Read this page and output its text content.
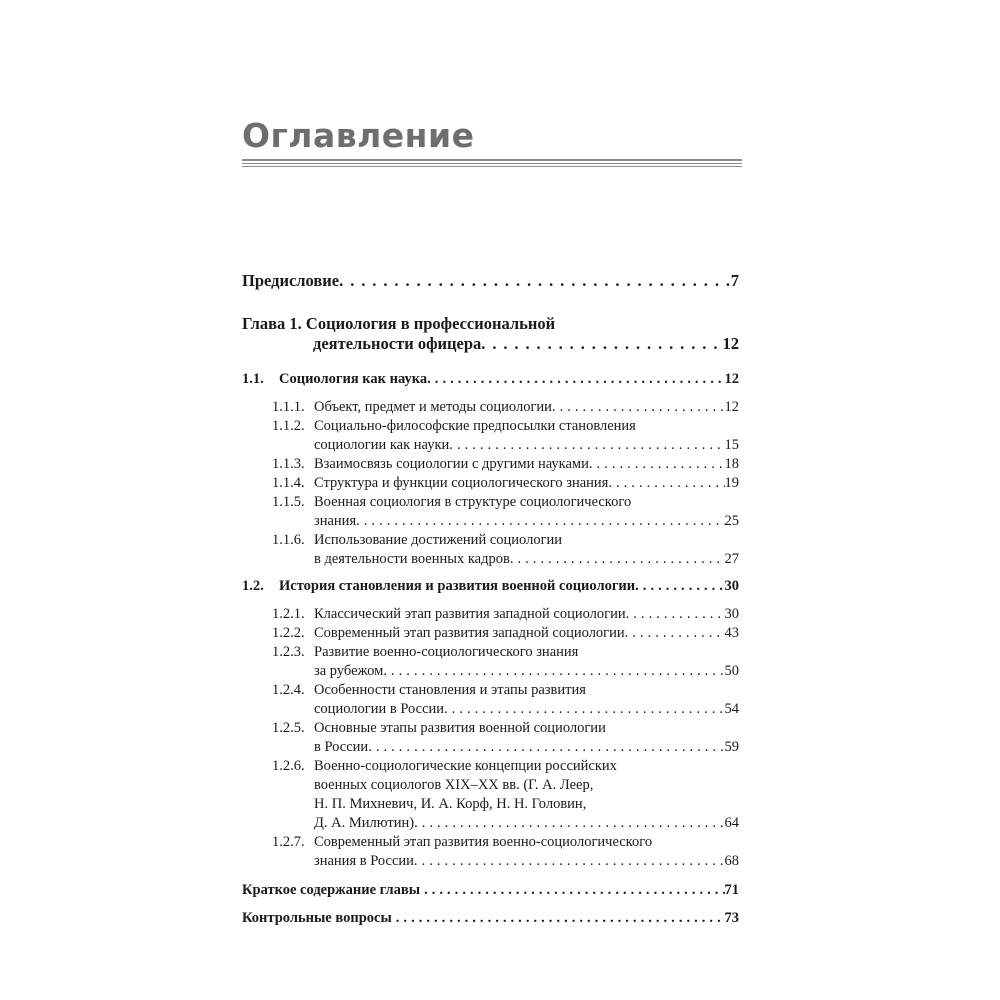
Оглавление
Предисловие . . .	7
Глава 1. Социология в профессиональной
деятельности офицера . . .	12
1.1.	Социология как наука . . .	12
1.1.1. Объект, предмет и методы социологии . . .	12
1.1.2. Социально-философские предпосылки становления
социологии как науки . . .	15
1.1.3. Взаимосвязь социологии с другими науками . . .	18
1.1.4. Структура и функции социологического знания . . .	19
1.1.5. Военная социология в структуре социологического
знания . . .	25
1.1.6. Использование достижений социологии
в деятельности военных кадров . . .	27
1.2.	История становления и развития военной социологии . . .	30
1.2.1. Классический этап развития западной социологии . . .	30
1.2.2. Современный этап развития западной социологии . . .	43
1.2.3. Развитие военно-социологического знания
за рубежом . . .	50
1.2.4. Особенности становления и этапы развития
социологии в России . . .	54
1.2.5. Основные этапы развития военной социологии
в России . . .	59
1.2.6. Военно-социологические концепции российских
военных социологов XIX–XX вв. (Г. А. Леер,
Н. П. Михневич, И. А. Корф, Н. Н. Головин,
Д. А. Милютин) . . .	64
1.2.7. Современный этап развития военно-социологического
знания в России . . .	68
Краткое содержание главы . . .	71
Контрольные вопросы . . .	73
